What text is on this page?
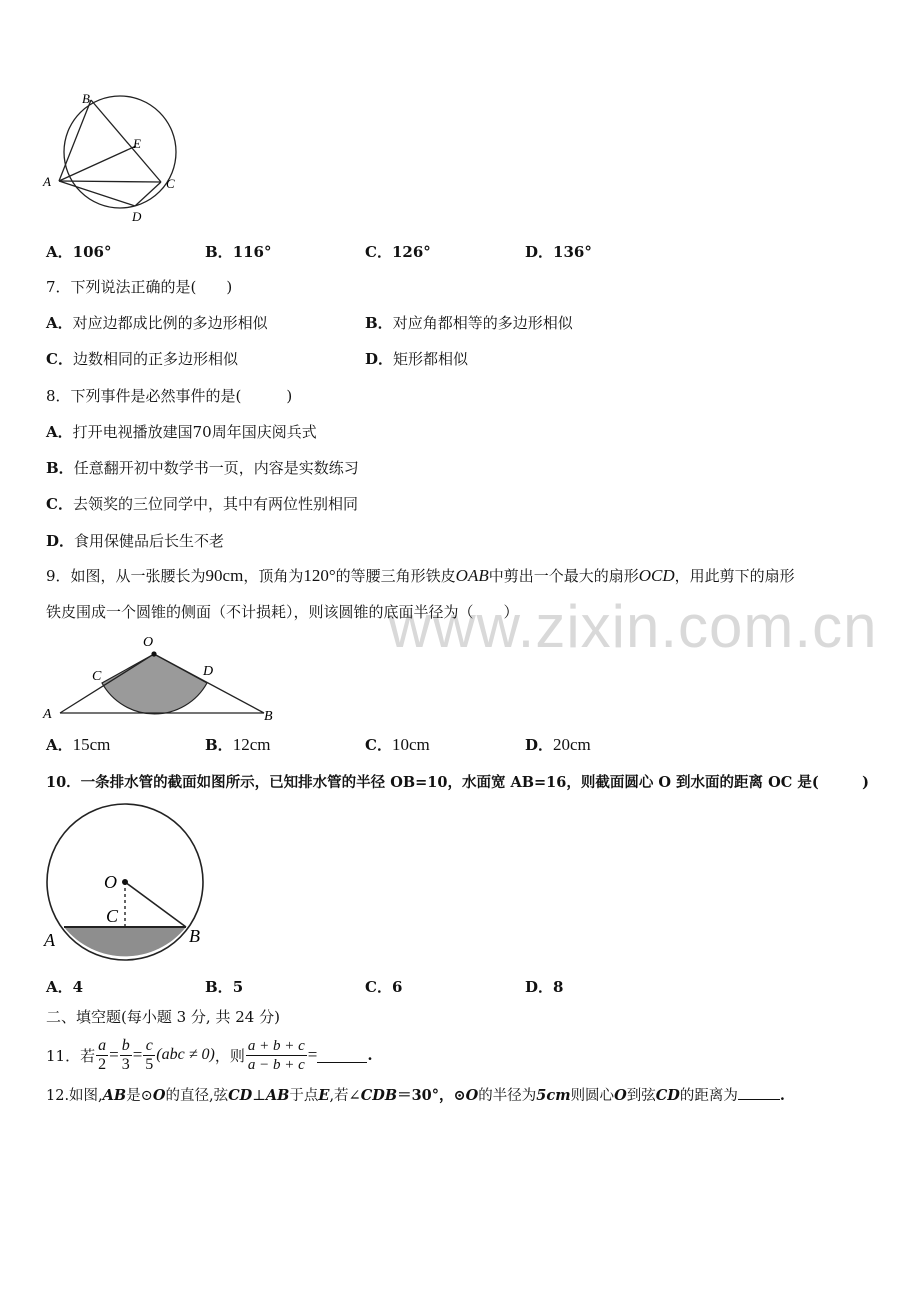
www.zixin.com.cn
B
E
A	C
D
A．106°	B．116°	C．126°	D．136°
7．下列说法正确的是(　　)
A．对应边都成比例的多边形相似	B．对应角都相等的多边形相似
C．边数相同的正多边形相似	D．矩形都相似
8．下列事件是必然事件的是(　　　)
A．打开电视播放建国70周年国庆阅兵式
B．任意翻开初中数学书一页，内容是实数练习
C．去领奖的三位同学中，其中有两位性别相同
D．食用保健品后长生不老
9．如图，从一张腰长为90cm，顶角为120°的等腰三角形铁皮OAB中剪出一个最大的扇形OCD，用此剪下的扇形
铁皮围成一个圆锥的侧面（不计损耗），则该圆锥的底面半径为（　　）
O
C	D
A	B
A．15cm	B．12cm	C．10cm	D．20cm
10．一条排水管的截面如图所示，已知排水管的半径 OB=10，水面宽 AB=16，则截面圆心 O 到水面的距离 OC 是(　　　)
O
C
A	B
A．4	B．5	C．6	D．8
二、填空题(每小题 3 分, 共 24 分)
11．若 $\frac{a}{2} = \frac{b}{3} = \frac{c}{5} (abc \ne 0)$ ，则 $\frac{a + b + c}{a - b + c}$ =	.
12.如图,AB是⊙O的直径,弦CD⊥AB于点E,若∠CDB＝30°，⊙O的半径为5cm则圆心O到弦CD的距离为	.
